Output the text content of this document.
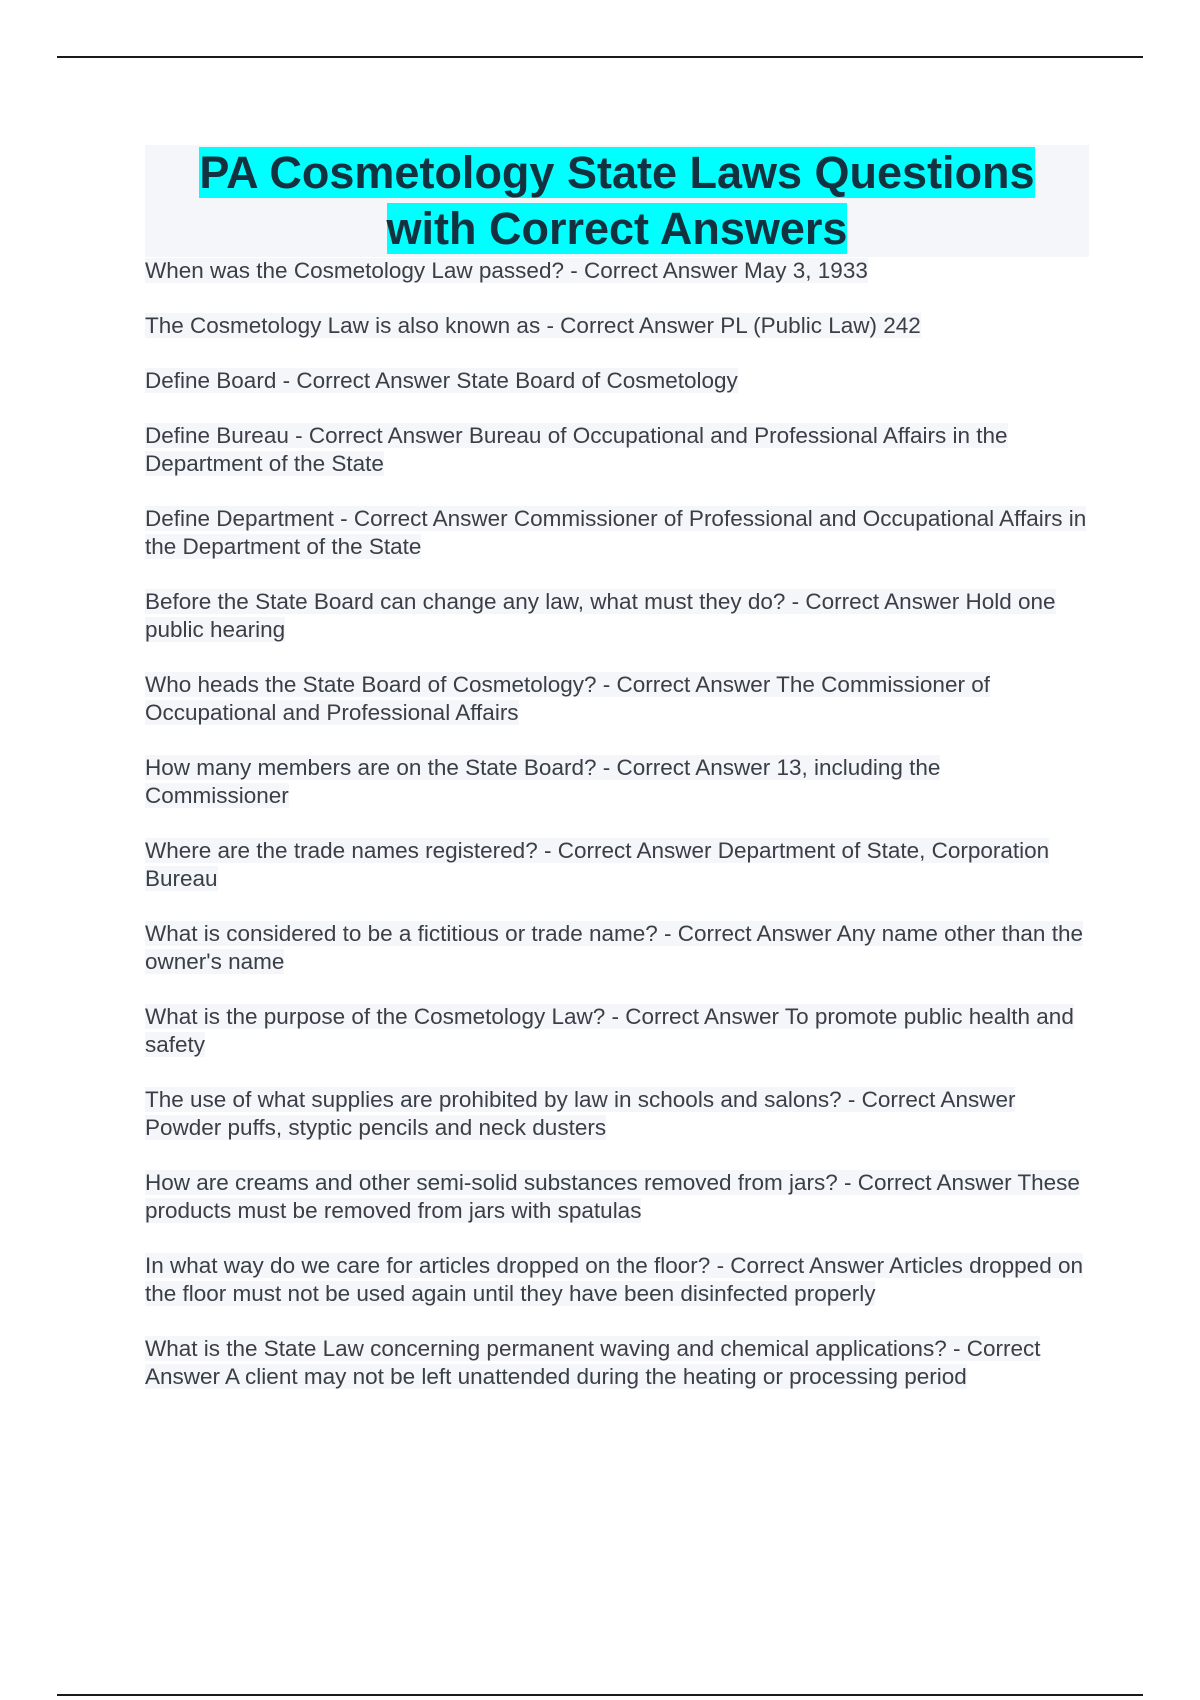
PA Cosmetology State Laws Questions
with Correct Answers
When was the Cosmetology Law passed? - Correct Answer May 3, 1933
The Cosmetology Law is also known as - Correct Answer PL (Public Law) 242
Define Board - Correct Answer State Board of Cosmetology
Define Bureau - Correct Answer Bureau of Occupational and Professional Affairs in the Department of the State
Define Department - Correct Answer Commissioner of Professional and Occupational Affairs in the Department of the State
Before the State Board can change any law, what must they do? - Correct Answer Hold one public hearing
Who heads the State Board of Cosmetology? - Correct Answer The Commissioner of Occupational and Professional Affairs
How many members are on the State Board? - Correct Answer 13, including the Commissioner
Where are the trade names registered? - Correct Answer Department of State, Corporation Bureau
What is considered to be a fictitious or trade name? - Correct Answer Any name other than the owner's name
What is the purpose of the Cosmetology Law? - Correct Answer To promote public health and safety
The use of what supplies are prohibited by law in schools and salons? - Correct Answer Powder puffs, styptic pencils and neck dusters
How are creams and other semi-solid substances removed from jars? - Correct Answer These products must be removed from jars with spatulas
In what way do we care for articles dropped on the floor? - Correct Answer Articles dropped on the floor must not be used again until they have been disinfected properly
What is the State Law concerning permanent waving and chemical applications? - Correct Answer A client may not be left unattended during the heating or processing period
